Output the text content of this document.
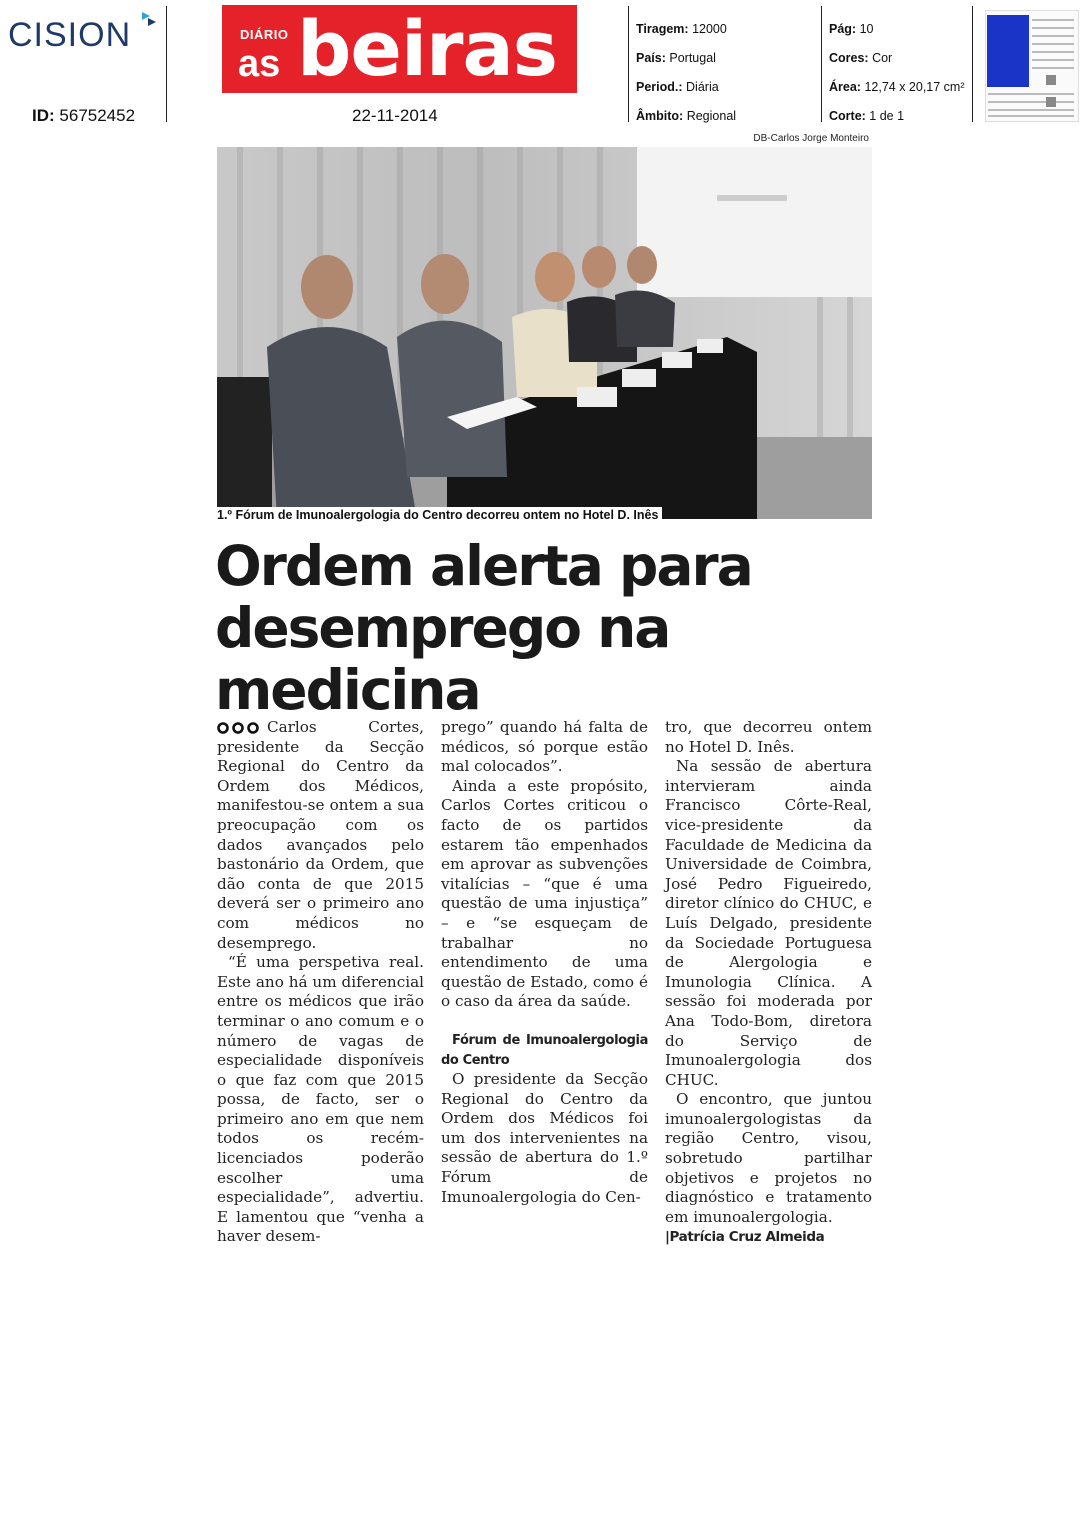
CISION
ID: 56752452
DIÁRIO
as beiras
22-11-2014
Tiragem: 12000
País: Portugal
Period.: Diária
Âmbito: Regional
Pág: 10
Cores: Cor
Área: 12,74 x 20,17 cm²
Corte: 1 de 1
DB-Carlos Jorge Monteiro
1.º Fórum de Imunoalergologia do Centro decorreu ontem no Hotel D. Inês
Ordem alerta para
desemprego na medicina

Carlos Cortes, presidente da Secção Regional do Centro da Ordem dos Médicos, manifestou-se ontem a sua preocupação com os dados avançados pelo bastonário da Ordem, que dão conta de que 2015 deverá ser o primeiro ano com médicos no desemprego.

“É uma perspetiva real. Este ano há um diferencial entre os médicos que irão terminar o ano comum e o número de vagas de especialidade disponíveis o que faz com que 2015 possa, de facto, ser o primeiro ano em que nem todos os recém-licenciados poderão escolher uma especialidade”, advertiu. E lamentou que “venha a haver desem-

prego” quando há falta de médicos, só porque estão mal colocados”.

Ainda a este propósito, Carlos Cortes criticou o facto de os partidos estarem tão empenhados em aprovar as subvenções vitalícias – “que é uma questão de uma injustiça” – e “se esqueçam de trabalhar no entendimento de uma questão de Estado, como é o caso da área da saúde.

Fórum de Imunoalergologia do Centro

O presidente da Secção Regional do Centro da Ordem dos Médicos foi um dos intervenientes na sessão de abertura do 1.º Fórum de Imunoalergologia do Cen-

tro, que decorreu ontem no Hotel D. Inês.

Na sessão de abertura intervieram ainda Francisco Côrte-Real, vice-presidente da Faculdade de Medicina da Universidade de Coimbra, José Pedro Figueiredo, diretor clínico do CHUC, e Luís Delgado, presidente da Sociedade Portuguesa de Alergologia e Imunologia Clínica. A sessão foi moderada por Ana Todo-Bom, diretora do Serviço de Imunoalergologia dos CHUC.

O encontro, que juntou imunoalergologistas da região Centro, visou, sobretudo partilhar objetivos e projetos no diagnóstico e tratamento em imunoalergologia.

|Patrícia Cruz Almeida
